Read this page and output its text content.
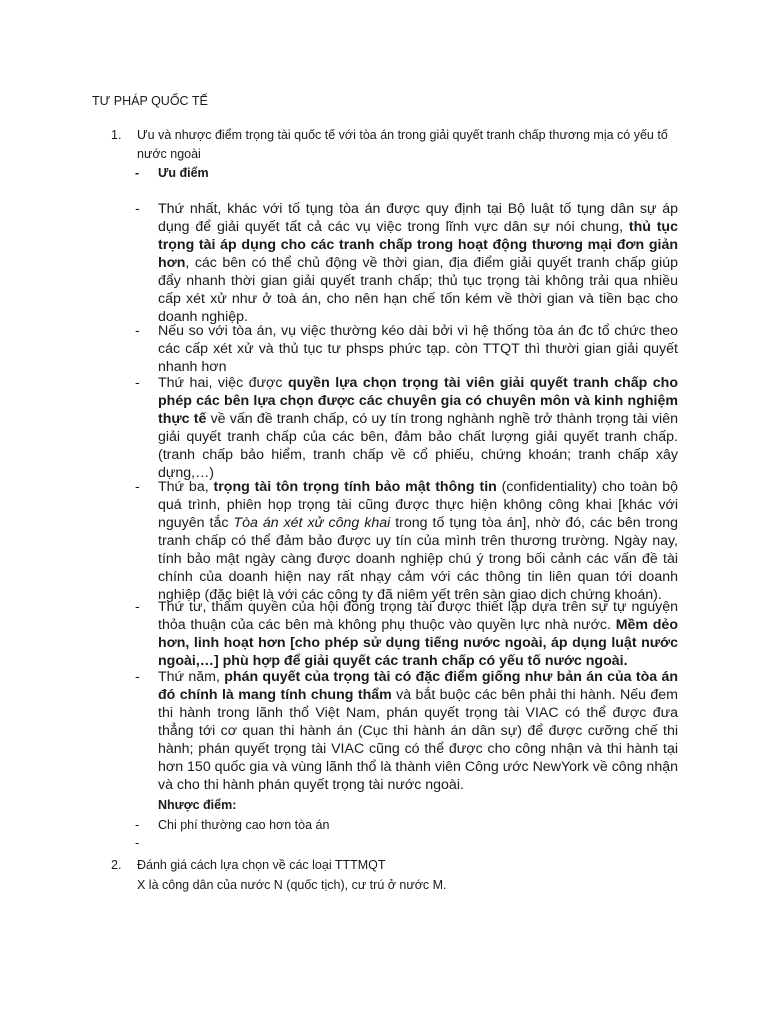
TƯ PHÁP QUỐC TẾ
1.	Ưu và nhược điểm trọng tài quốc tế với tòa án trong giải quyết tranh chấp thương mịa có yếu tố nước ngoài
- Ưu điểm
- Thứ nhất, khác với tố tụng tòa án được quy định tại Bộ luật tố tụng dân sự áp dụng để giải quyết tất cả các vụ việc trong lĩnh vực dân sự nói chung, thủ tục trọng tài áp dụng cho các tranh chấp trong hoạt động thương mại đơn giản hơn, các bên có thể chủ động về thời gian, địa điểm giải quyết tranh chấp giúp đẩy nhanh thời gian giải quyết tranh chấp; thủ tục trọng tài không trải qua nhiều cấp xét xử như ở toà án, cho nên hạn chế tốn kém về thời gian và tiền bạc cho doanh nghiệp.
- Nếu so với tòa án, vụ việc thường kéo dài bởi vì hệ thống tòa án đc tổ chức theo các cấp xét xử và thủ tục tư phsps phức tạp. còn TTQT thì thười gian giải quyết nhanh hơn
- Thứ hai, việc được quyền lựa chọn trọng tài viên giải quyết tranh chấp cho phép các bên lựa chọn được các chuyên gia có chuyên môn và kinh nghiệm thực tế về vấn đề tranh chấp, có uy tín trong nghành nghề trở thành trọng tài viên giải quyết tranh chấp của các bên, đảm bảo chất lượng giải quyết tranh chấp. (tranh chấp bảo hiểm, tranh chấp về cổ phiếu, chứng khoán; tranh chấp xây dựng,…)
- Thứ ba, trọng tài tôn trọng tính bảo mật thông tin (confidentiality) cho toàn bộ quá trình, phiên họp trọng tài cũng được thực hiện không công khai [khác với nguyên tắc Tòa án xét xử công khai trong tố tụng tòa án], nhờ đó, các bên trong tranh chấp có thể đảm bảo được uy tín của mình trên thương trường. Ngày nay, tính bảo mật ngày càng được doanh nghiệp chú ý trong bối cảnh các vấn đề tài chính của doanh hiện nay rất nhạy cảm với các thông tin liên quan tới doanh nghiệp (đặc biệt là với các công ty đã niêm yết trên sàn giao dịch chứng khoán).
- Thứ tư, thẩm quyền của hội đồng trọng tài được thiết lập dựa trên sự tự nguyện thỏa thuận của các bên mà không phụ thuộc vào quyền lực nhà nước. Mềm dẻo hơn, linh hoạt hơn [cho phép sử dụng tiếng nước ngoài, áp dụng luật nước ngoài,…] phù hợp để giải quyết các tranh chấp có yếu tố nước ngoài.
- Thứ năm, phán quyết của trọng tài có đặc điểm giống như bản án của tòa án đó chính là mang tính chung thẩm và bắt buộc các bên phải thi hành. Nếu đem thi hành trong lãnh thổ Việt Nam, phán quyết trọng tài VIAC có thể được đưa thẳng tới cơ quan thi hành án (Cục thi hành án dân sự) để được cưỡng chế thi hành; phán quyết trọng tài VIAC cũng có thể được cho công nhận và thi hành tại hơn 150 quốc gia và vùng lãnh thổ là thành viên Công ước NewYork về công nhận và cho thi hành phán quyết trọng tài nước ngoài.
Nhược điểm:
- Chi phí thường cao hơn tòa án
-
2.	Đánh giá cách lựa chọn về các loại TTTMQT
X là công dân của nước N (quốc tịch), cư trú ở nước M.
